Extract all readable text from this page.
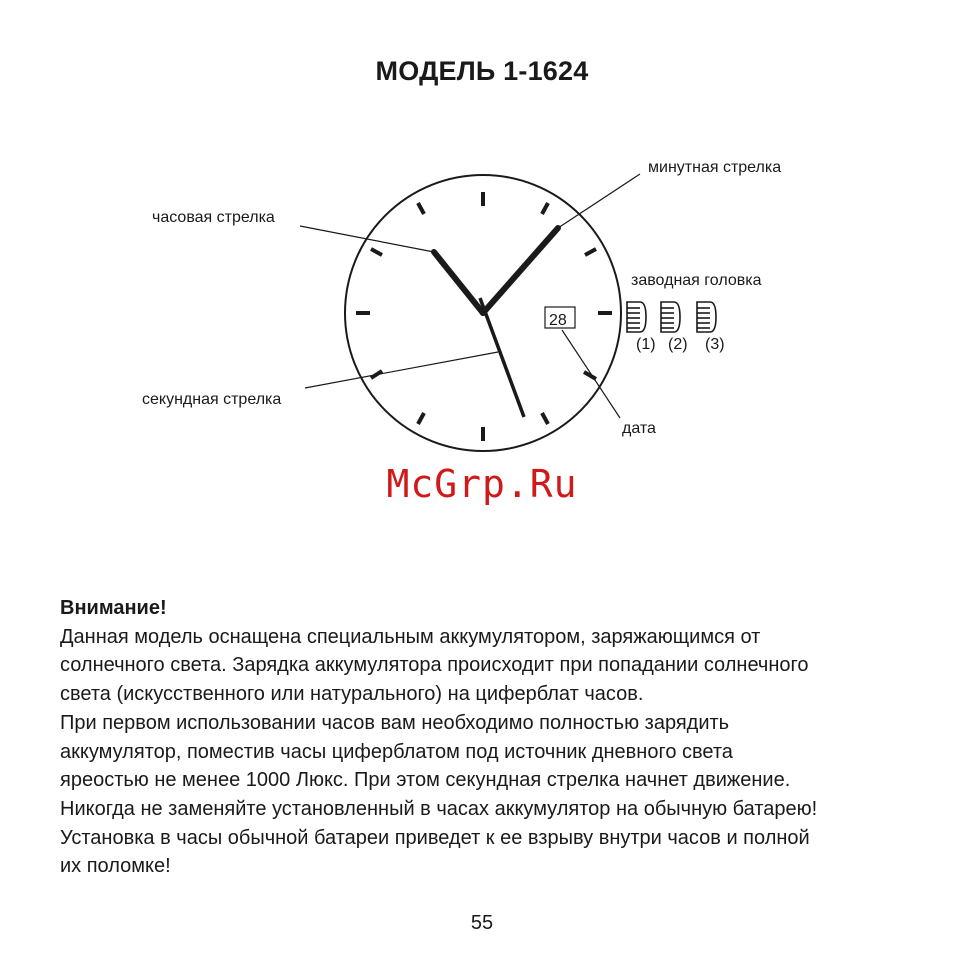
МОДЕЛЬ 1-1624
28
(1) (2) (3)
минутная стрелка
часовая стрелка
заводная головка
секундная стрелка
дата
McGrp.Ru
Внимание!
Данная модель оснащена специальным аккумулятором, заряжающимся от
солнечного света. Зарядка аккумулятора происходит при попадании солнечного
света (искусственного или натурального) на циферблат часов.
При первом использовании часов вам необходимо полностью зарядить
аккумулятор, поместив часы циферблатом под источник дневного света
яреостью не менее 1000 Люкс. При этом секундная стрелка начнет движение.
Никогда не заменяйте установленный в часах аккумулятор на обычную батарею!
Установка в часы обычной батареи приведет к ее взрыву внутри часов и полной
их поломке!
55
